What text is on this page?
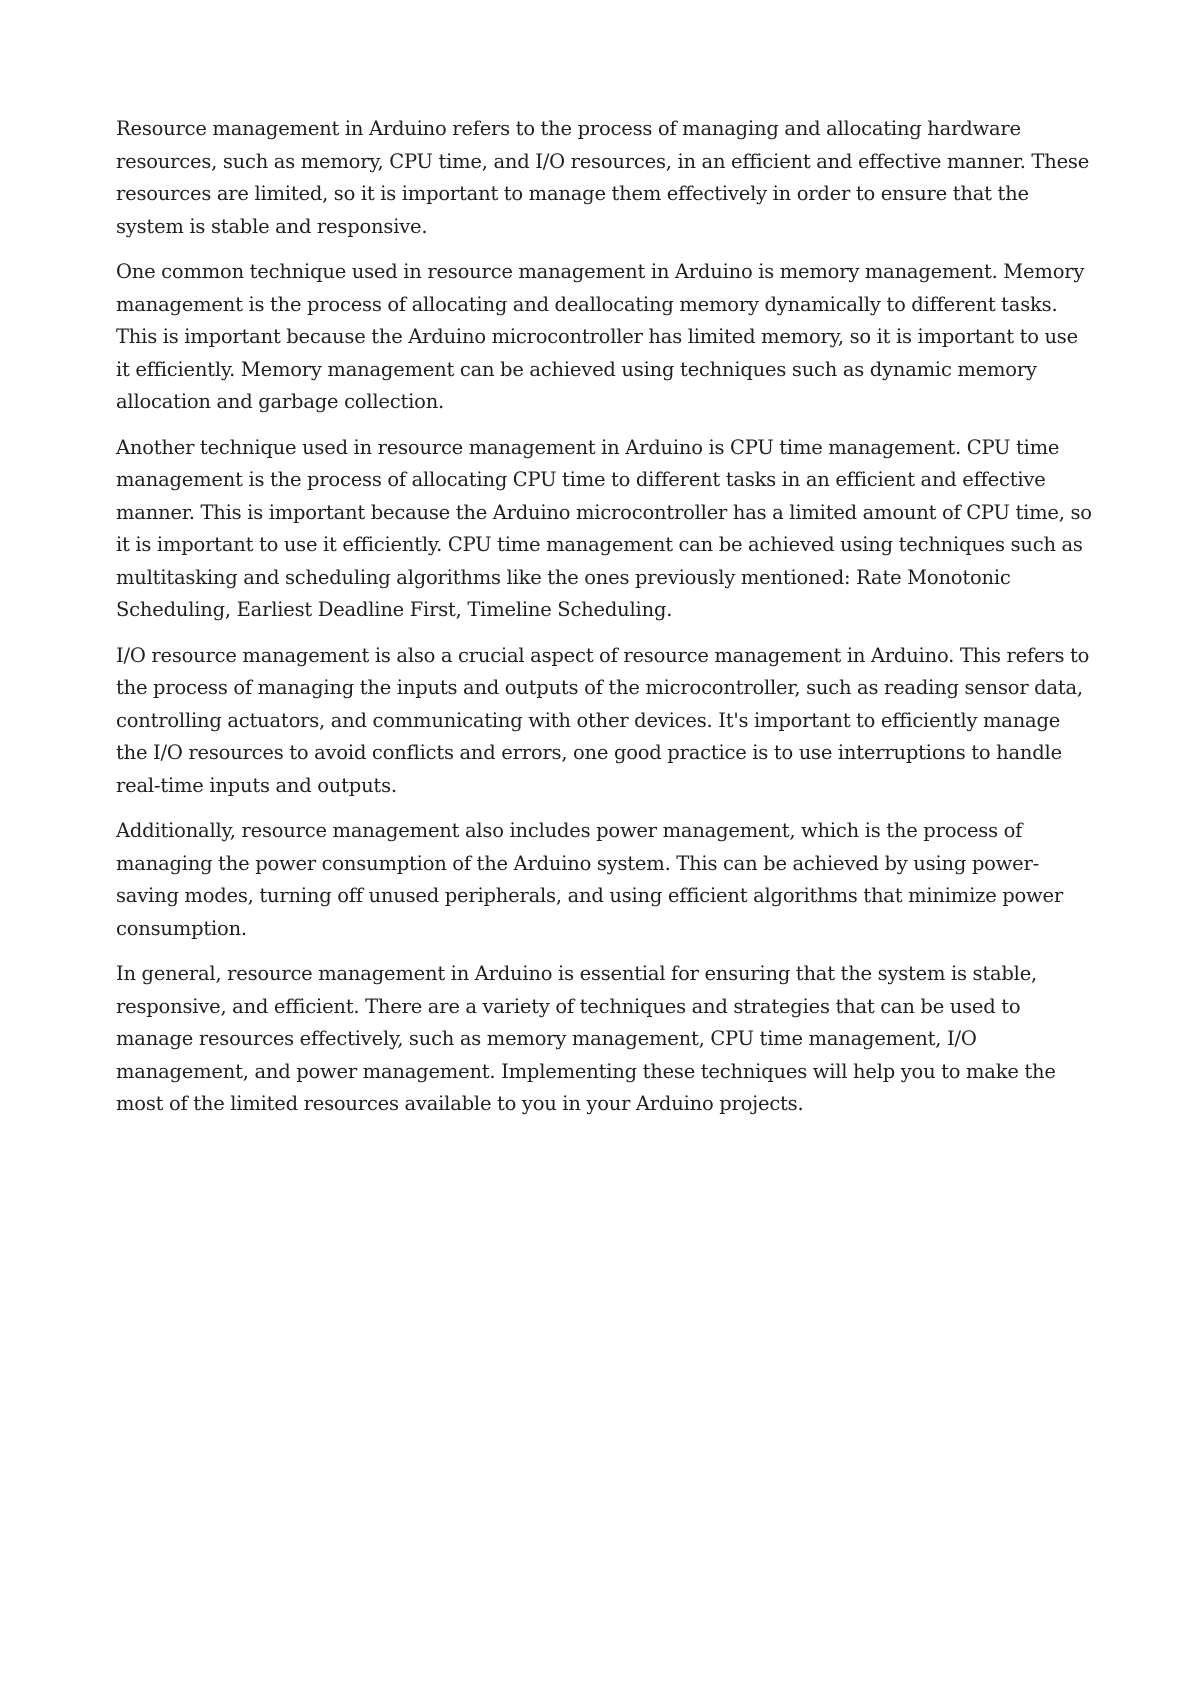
Resource management in Arduino refers to the process of managing and allocating hardware resources, such as memory, CPU time, and I/O resources, in an efficient and effective manner. These resources are limited, so it is important to manage them effectively in order to ensure that the system is stable and responsive.

One common technique used in resource management in Arduino is memory management. Memory management is the process of allocating and deallocating memory dynamically to different tasks. This is important because the Arduino microcontroller has limited memory, so it is important to use it efficiently. Memory management can be achieved using techniques such as dynamic memory allocation and garbage collection.

Another technique used in resource management in Arduino is CPU time management. CPU time management is the process of allocating CPU time to different tasks in an efficient and effective manner. This is important because the Arduino microcontroller has a limited amount of CPU time, so it is important to use it efficiently. CPU time management can be achieved using techniques such as multitasking and scheduling algorithms like the ones previously mentioned: Rate Monotonic Scheduling, Earliest Deadline First, Timeline Scheduling.

I/O resource management is also a crucial aspect of resource management in Arduino. This refers to the process of managing the inputs and outputs of the microcontroller, such as reading sensor data, controlling actuators, and communicating with other devices. It's important to efficiently manage the I/O resources to avoid conflicts and errors, one good practice is to use interruptions to handle real-time inputs and outputs.

Additionally, resource management also includes power management, which is the process of managing the power consumption of the Arduino system. This can be achieved by using power-saving modes, turning off unused peripherals, and using efficient algorithms that minimize power consumption.

In general, resource management in Arduino is essential for ensuring that the system is stable, responsive, and efficient. There are a variety of techniques and strategies that can be used to manage resources effectively, such as memory management, CPU time management, I/O management, and power management. Implementing these techniques will help you to make the most of the limited resources available to you in your Arduino projects.
